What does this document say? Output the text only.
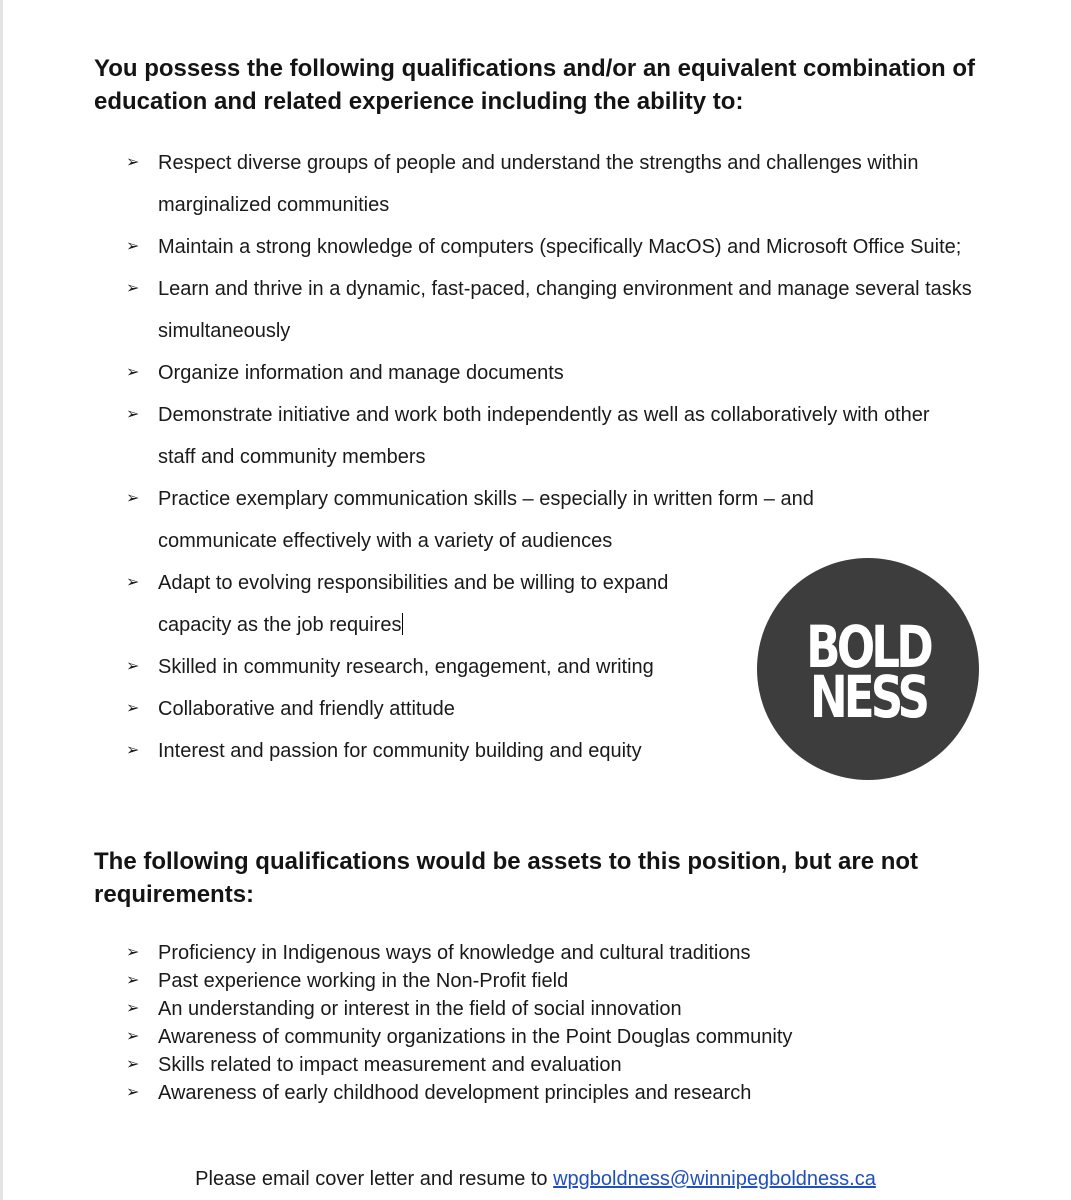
You possess the following qualifications and/or an equivalent combination of education and related experience including the ability to:

➢ Respect diverse groups of people and understand the strengths and challenges within marginalized communities
➢ Maintain a strong knowledge of computers (specifically MacOS) and Microsoft Office Suite;
➢ Learn and thrive in a dynamic, fast-paced, changing environment and manage several tasks simultaneously
➢ Organize information and manage documents
➢ Demonstrate initiative and work both independently as well as collaboratively with other staff and community members
➢ Practice exemplary communication skills – especially in written form – and communicate effectively with a variety of audiences
➢ Adapt to evolving responsibilities and be willing to expand
capacity as the job requires
➢ Skilled in community research, engagement, and writing
➢ Collaborative and friendly attitude
➢ Interest and passion for community building and equity
BOLD
NESS

The following qualifications would be assets to this position, but are not requirements:

➢ Proficiency in Indigenous ways of knowledge and cultural traditions
➢ Past experience working in the Non-Profit field
➢ An understanding or interest in the field of social innovation
➢ Awareness of community organizations in the Point Douglas community
➢ Skills related to impact measurement and evaluation
➢ Awareness of early childhood development principles and research
Please email cover letter and resume to wpgboldness@winnipegboldness.ca
